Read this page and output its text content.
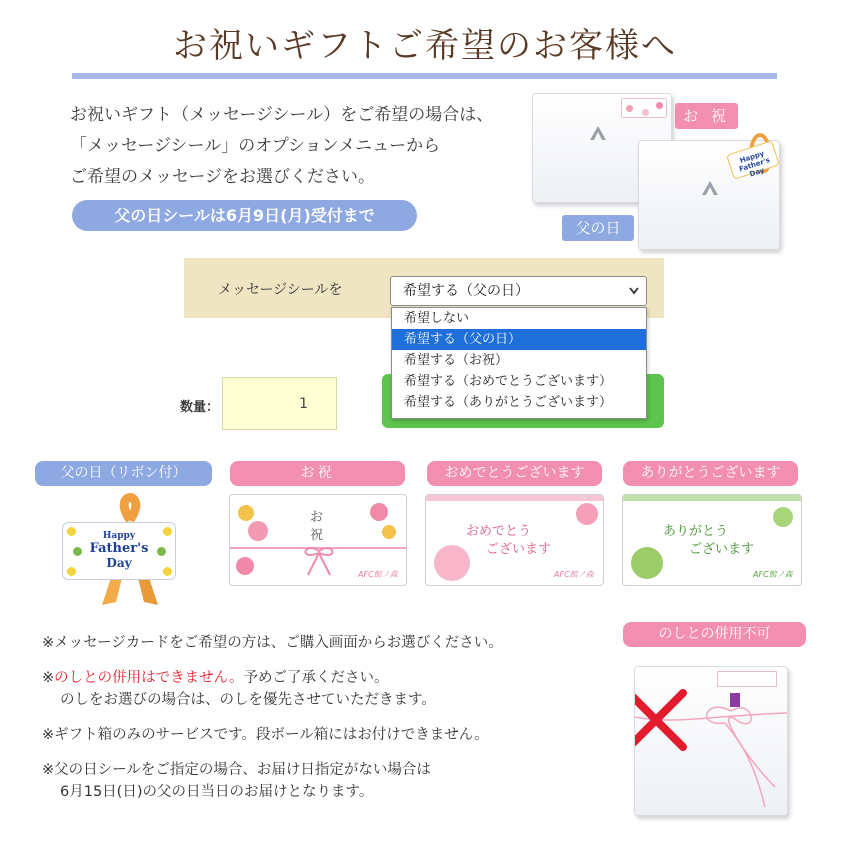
お祝いギフトご希望のお客様へ
お祝いギフト（メッセージシール）をご希望の場合は、
「メッセージシール」のオプションメニューから
ご希望のメッセージをお選びください。
父の日シールは6月9日(月)受付まで
お 祝
Happy Father's Day
父の日
メッセージシールを	希望する（父の日）
希望しない
希望する（父の日）
希望する（お祝）
希望する（おめでとうございます）
希望する（ありがとうございます）
数量：	1
父の日（リボン付）	お祝	おめでとうございます	ありがとうございます
Happy
Father's
Day
お
祝
AFC館ノ森
おめでとう
ございます
AFC館ノ森
ありがとう
ございます
AFC館ノ森
※メッセージカードをご希望の方は、ご購入画面からお選びください。
※のしとの併用はできません。予めご了承ください。
のしをお選びの場合は、のしを優先させていただきます。
※ギフト箱のみのサービスです。段ボール箱にはお付けできません。
※父の日シールをご指定の場合、お届け日指定がない場合は
6月15日(日)の父の日当日のお届けとなります。
のしとの併用不可
